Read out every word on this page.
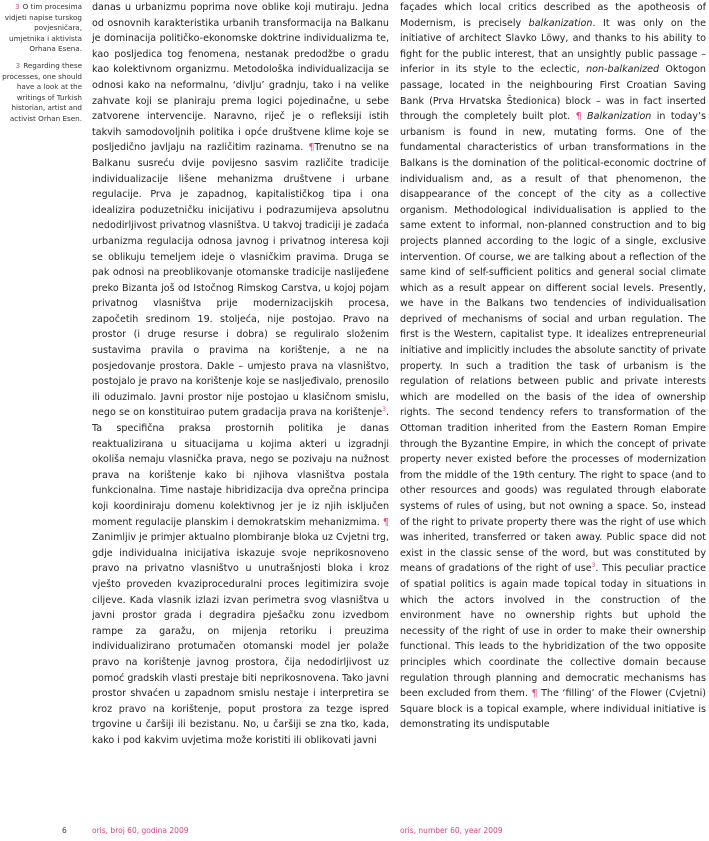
3 O tim procesima vidjeti napise turskog povjesničara, umjetnika i aktivista Orhana Esena.

3 Regarding these processes, one should have a look at the writings of Turkish historian, artist and activist Orhan Esen.

danas u urbanizmu poprima nove oblike koji mutiraju. Jedna od osnovnih karakteristika urbanih transformacija na Balkanu je dominacija političko-ekonomske doktrine individualizma te, kao posljedica tog fenomena, nestanak predodžbe o gradu kao kolektivnom organizmu. Metodološka individualizacija se odnosi kako na neformalnu, ‘divlju’ gradnju, tako i na velike zahvate koji se planiraju prema logici pojedinačne, u sebe zatvorene intervencije. Naravno, riječ je o refleksiji istih takvih samodovoljnih politika i opće društvene klime koje se posljedično javljaju na različitim razinama. ¶Trenutno se na Balkanu susreću dvije povijesno sasvim različite tradicije individualizacije lišene mehanizma društvene i urbane regulacije. Prva je zapadnog, kapitalističkog tipa i ona idealizira poduzetničku inicijativu i podrazumijeva apsolutnu nedodirljivost privatnog vlasništva. U takvoj tradiciji je zadaća urbanizma regulacija odnosa javnog i privatnog interesa koji se oblikuju temeljem ideje o vlasničkim pravima. Druga se pak odnosi na preoblikovanje otomanske tradicije naslijeđene preko Bizanta još od Istočnog Rimskog Carstva, u kojoj pojam privatnog vlasništva prije modernizacijskih procesa, započetih sredinom 19. stoljeća, nije postojao. Pravo na prostor (i druge resurse i dobra) se reguliralo složenim sustavima pravila o pravima na korištenje, a ne na posjedovanje prostora. Dakle – umjesto prava na vlasništvo, postojalo je pravo na korištenje koje se nasljeđivalo, prenosilo ili oduzimalo. Javni prostor nije postojao u klasičnom smislu, nego se on konstituirao putem gradacija prava na korištenje$^3$. Ta specifična praksa prostornih politika je danas reaktualizirana u situacijama u kojima akteri u izgradnji okoliša nemaju vlasnička prava, nego se pozivaju na nužnost prava na korištenje kako bi njihova vlasništva postala funkcionalna. Time nastaje hibridizacija dva oprečna principa koji koordiniraju domenu kolektivnog jer je iz njih isključen moment regulacije planskim i demokratskim mehanizmima. ¶ Zanimljiv je primjer aktualno plombiranje bloka uz Cvjetni trg, gdje individualna inicijativa iskazuje svoje neprikosnoveno pravo na privatno vlasništvo u unutrašnjosti bloka i kroz vješto proveden kvaziproceduralni proces legitimizira svoje ciljeve. Kada vlasnik izlazi izvan perimetra svog vlasništva u javni prostor grada i degradira pješačku zonu izvedbom rampe za garažu, on mijenja retoriku i preuzima individualizirano protumačen otomanski model jer polaže pravo na korištenje javnog prostora, čija nedodirljivost uz pomoć gradskih vlasti prestaje biti neprikosnovena. Tako javni prostor shvaćen u zapadnom smislu nestaje i interpretira se kroz pravo na korištenje, poput prostora za tezge ispred trgovine u čaršiji ili bezistanu. No, u čaršiji se zna tko, kada, kako i pod kakvim uvjetima može koristiti ili oblikovati javni

façades which local critics described as the apotheosis of Modernism, is precisely balkanization. It was only on the initiative of architect Slavko Löwy, and thanks to his ability to fight for the public interest, that an unsightly public passage – inferior in its style to the eclectic, non-balkanized Oktogon passage, located in the neighbouring First Croatian Saving Bank (Prva Hrvatska Štedionica) block – was in fact inserted through the completely built plot. ¶ Balkanization in today’s urbanism is found in new, mutating forms. One of the fundamental characteristics of urban transformations in the Balkans is the domination of the political-economic doctrine of individualism and, as a result of that phenomenon, the disappearance of the concept of the city as a collective organism. Methodological individualisation is applied to the same extent to informal, non-planned construction and to big projects planned according to the logic of a single, exclusive intervention. Of course, we are talking about a reflection of the same kind of self-sufficient politics and general social climate which as a result appear on different social levels. Presently, we have in the Balkans two tendencies of individualisation deprived of mechanisms of social and urban regulation. The first is the Western, capitalist type. It idealizes entrepreneurial initiative and implicitly includes the absolute sanctity of private property. In such a tradition the task of urbanism is the regulation of relations between public and private interests which are modelled on the basis of the idea of ownership rights. The second tendency refers to transformation of the Ottoman tradition inherited from the Eastern Roman Empire through the Byzantine Empire, in which the concept of private property never existed before the processes of modernization from the middle of the 19th century. The right to space (and to other resources and goods) was regulated through elaborate systems of rules of using, but not owning a space. So, instead of the right to private property there was the right of use which was inherited, transferred or taken away. Public space did not exist in the classic sense of the word, but was constituted by means of gradations of the right of use$^3$. This peculiar practice of spatial politics is again made topical today in situations in which the actors involved in the construction of the environment have no ownership rights but uphold the necessity of the right of use in order to make their ownership functional. This leads to the hybridization of the two opposite principles which coordinate the collective domain because regulation through planning and democratic mechanisms has been excluded from them. ¶ The ‘filling’ of the Flower (Cvjetni) Square block is a topical example, where individual initiative is demonstrating its undisputable

6	oris, broj 60, godina 2009	oris, number 60, year 2009
